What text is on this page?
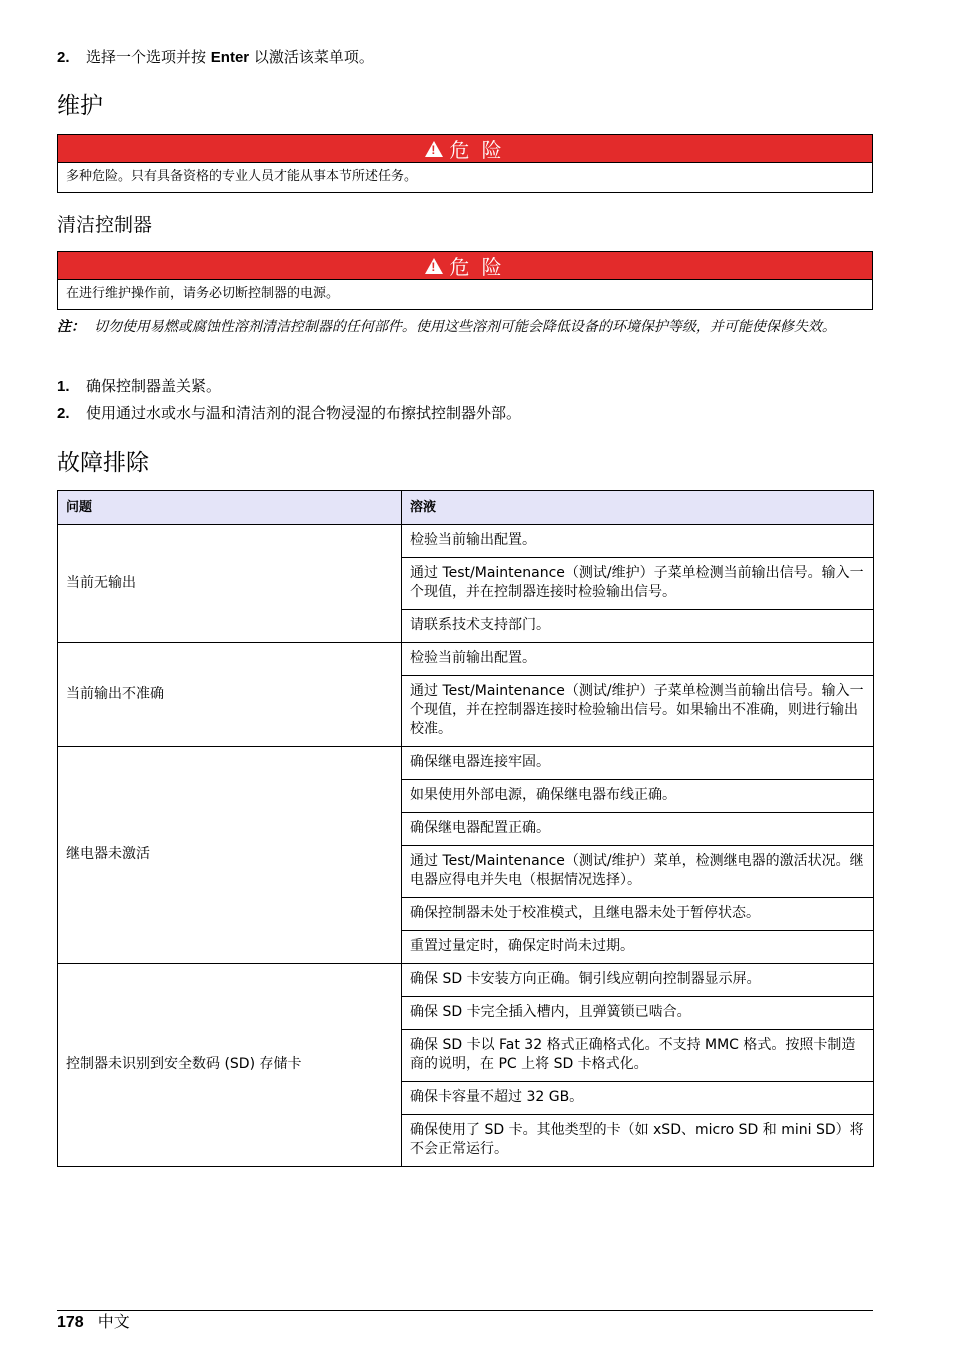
2. 选择一个选项并按 Enter 以激活该菜单项。
维护
!
危 险
多种危险。只有具备资格的专业人员才能从事本节所述任务。
清洁控制器
!
危 险
在进行维护操作前，请务必切断控制器的电源。
注： 切勿使用易燃或腐蚀性溶剂清洁控制器的任何部件。使用这些溶剂可能会降低设备的环境保护等级，并可能使保修失效。
1. 确保控制器盖关紧。
2. 使用通过水或水与温和清洁剂的混合物浸湿的布擦拭控制器外部。
故障排除
问题	溶液
当前无输出	检验当前输出配置。
	通过 Test/Maintenance（测试/维护）子菜单检测当前输出信号。输入一个现值，并在控制器连接时检验输出信号。
	请联系技术支持部门。
当前输出不准确	检验当前输出配置。
	通过 Test/Maintenance（测试/维护）子菜单检测当前输出信号。输入一个现值，并在控制器连接时检验输出信号。如果输出不准确，则进行输出校准。
继电器未激活	确保继电器连接牢固。
	如果使用外部电源，确保继电器布线正确。
	确保继电器配置正确。
	通过 Test/Maintenance（测试/维护）菜单，检测继电器的激活状况。继电器应得电并失电（根据情况选择）。
	确保控制器未处于校准模式，且继电器未处于暂停状态。
	重置过量定时，确保定时尚未过期。
控制器未识别到安全数码 (SD) 存储卡	确保 SD 卡安装方向正确。铜引线应朝向控制器显示屏。
	确保 SD 卡完全插入槽内，且弹簧锁已啮合。
	确保 SD 卡以 Fat 32 格式正确格式化。不支持 MMC 格式。按照卡制造商的说明，在 PC 上将 SD 卡格式化。
	确保卡容量不超过 32 GB。
	确保使用了 SD 卡。其他类型的卡（如 xSD、micro SD 和 mini SD）将不会正常运行。
178 中文
